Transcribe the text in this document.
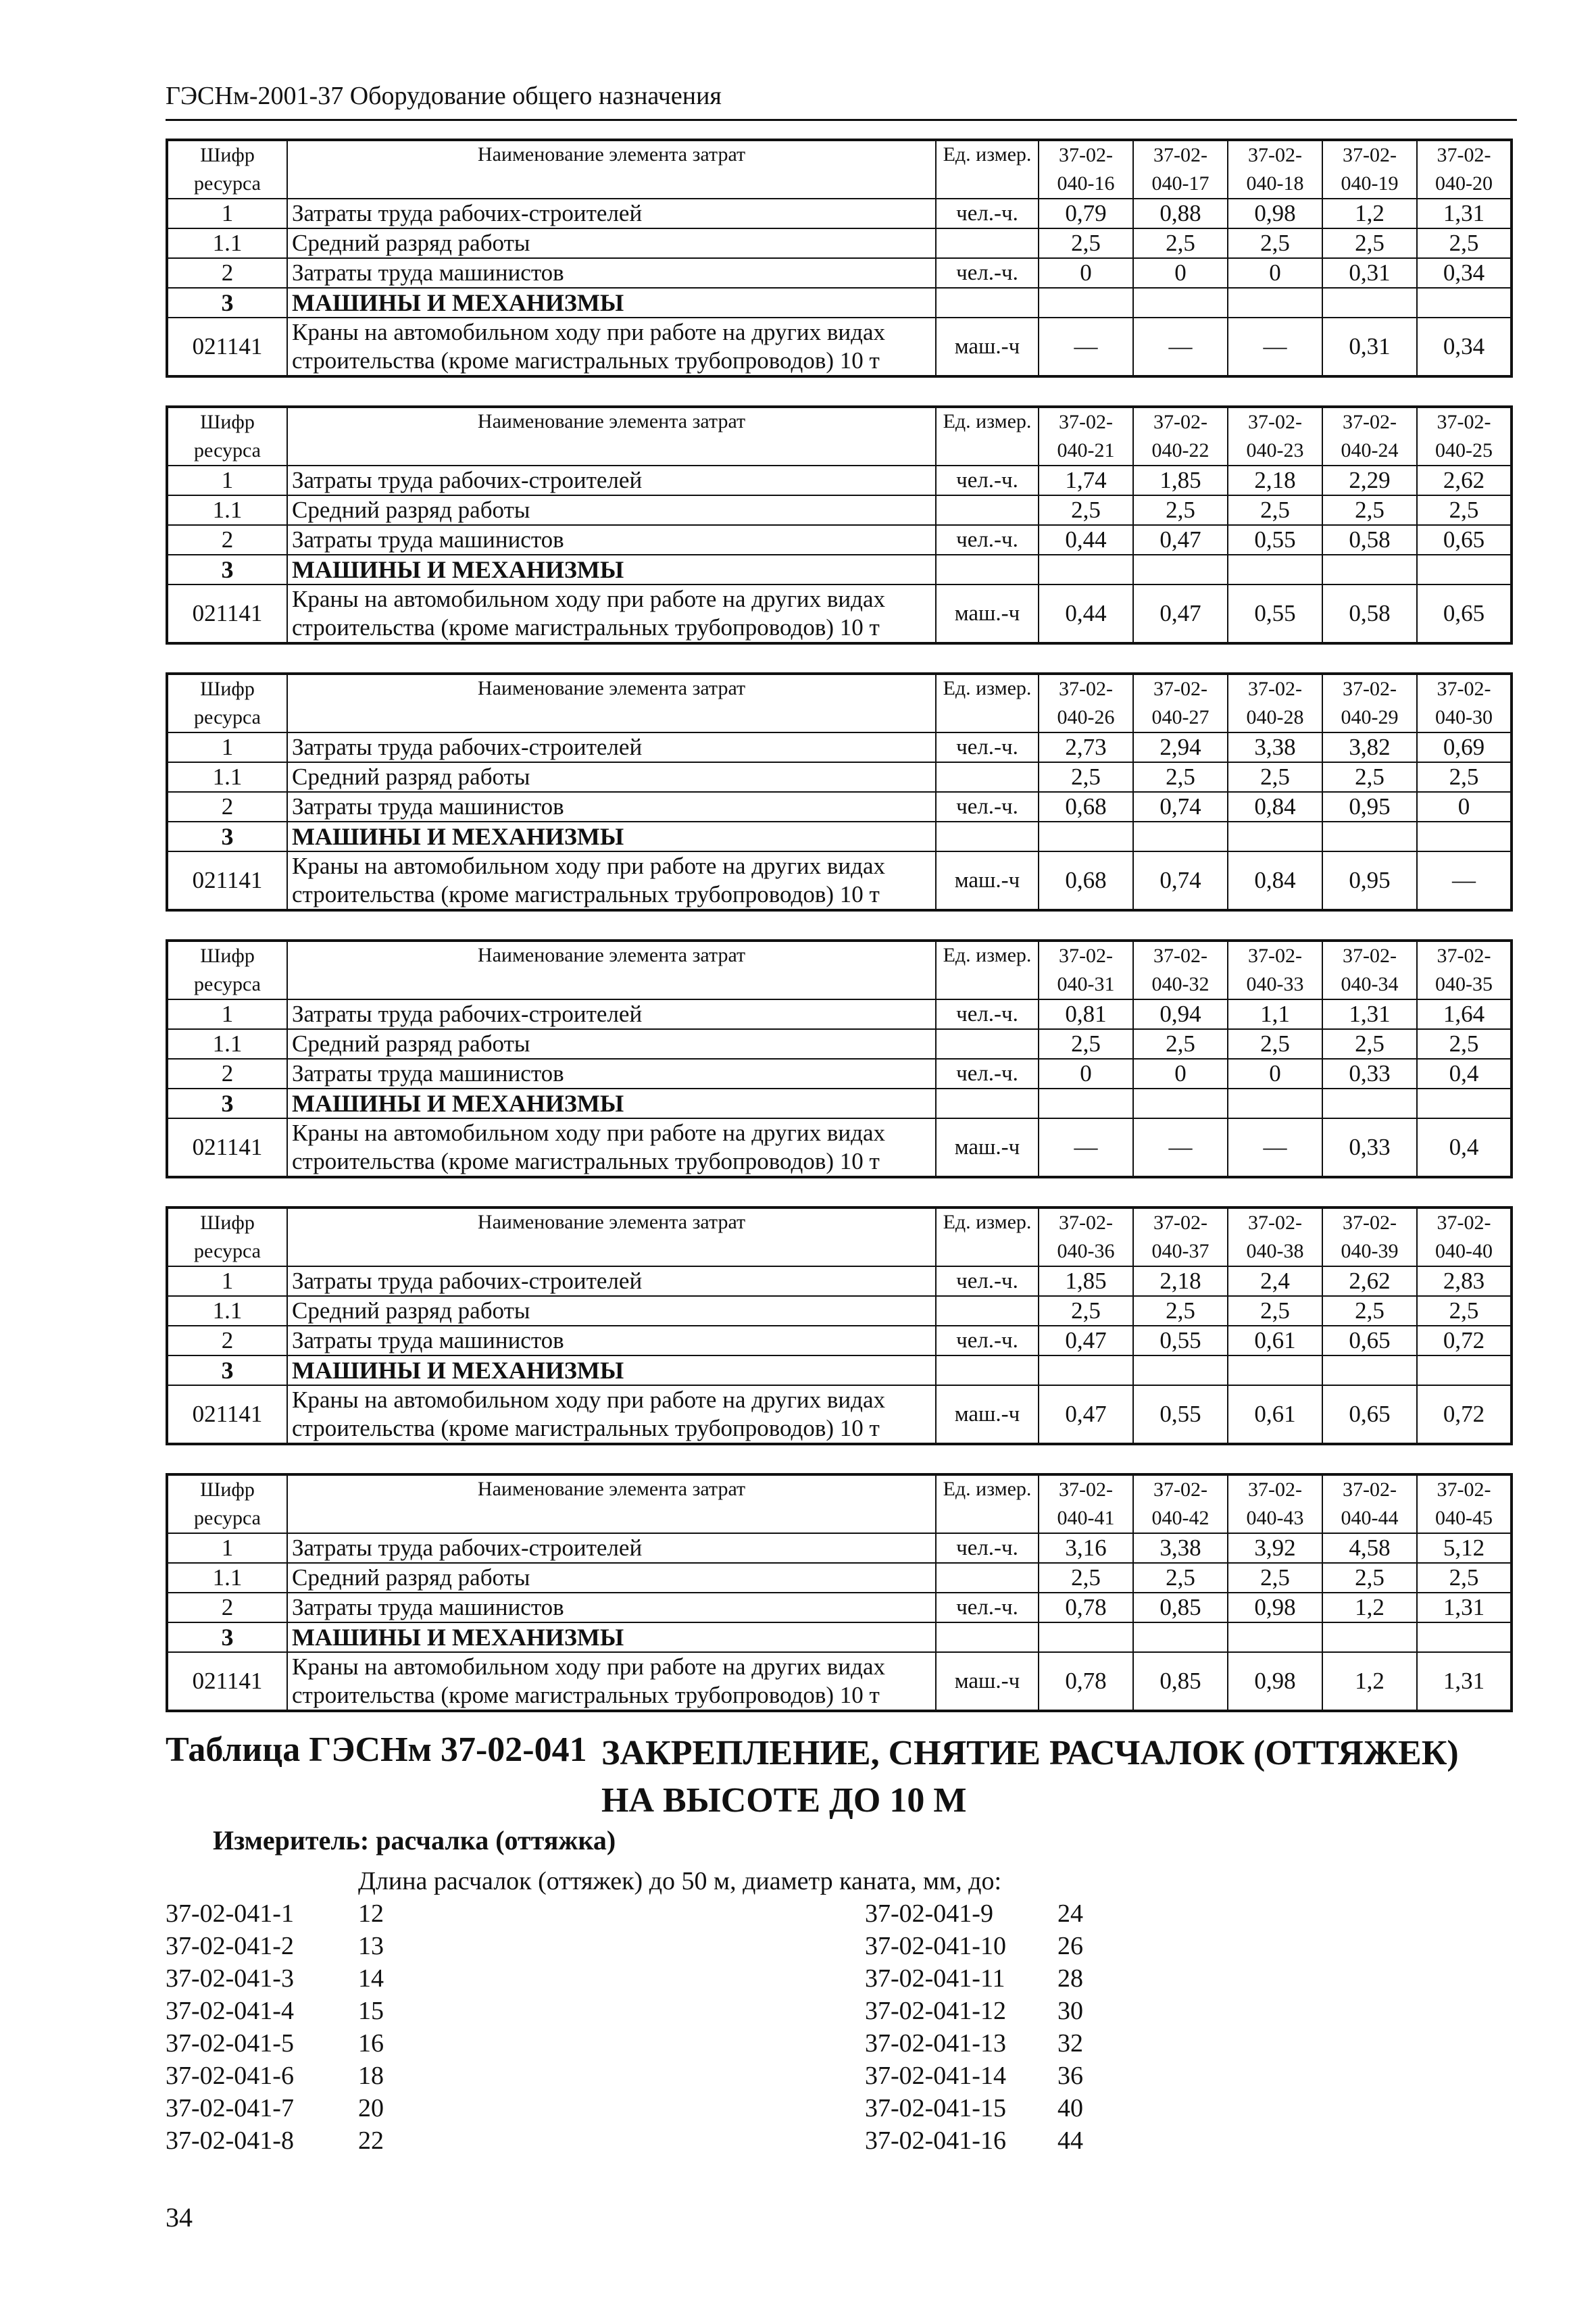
ГЭСНм-2001-37 Оборудование общего назначения
Шифр ресурса	Наименование элемента затрат	Ед. измер.	37-02-040-16	37-02-040-17	37-02-040-18	37-02-040-19	37-02-040-20
1	Затраты труда рабочих-строителей	чел.-ч.	0,79	0,88	0,98	1,2	1,31
1.1	Средний разряд работы		2,5	2,5	2,5	2,5	2,5
2	Затраты труда машинистов	чел.-ч.	0	0	0	0,31	0,34
3	МАШИНЫ И МЕХАНИЗМЫ						
021141	Краны на автомобильном ходу при работе на других видах строительства (кроме магистральных трубопроводов) 10 т	маш.-ч	—	—	—	0,31	0,34
Шифр ресурса	Наименование элемента затрат	Ед. измер.	37-02-040-21	37-02-040-22	37-02-040-23	37-02-040-24	37-02-040-25
1	Затраты труда рабочих-строителей	чел.-ч.	1,74	1,85	2,18	2,29	2,62
1.1	Средний разряд работы		2,5	2,5	2,5	2,5	2,5
2	Затраты труда машинистов	чел.-ч.	0,44	0,47	0,55	0,58	0,65
3	МАШИНЫ И МЕХАНИЗМЫ						
021141	Краны на автомобильном ходу при работе на других видах строительства (кроме магистральных трубопроводов) 10 т	маш.-ч	0,44	0,47	0,55	0,58	0,65
Шифр ресурса	Наименование элемента затрат	Ед. измер.	37-02-040-26	37-02-040-27	37-02-040-28	37-02-040-29	37-02-040-30
1	Затраты труда рабочих-строителей	чел.-ч.	2,73	2,94	3,38	3,82	0,69
1.1	Средний разряд работы		2,5	2,5	2,5	2,5	2,5
2	Затраты труда машинистов	чел.-ч.	0,68	0,74	0,84	0,95	0
3	МАШИНЫ И МЕХАНИЗМЫ						
021141	Краны на автомобильном ходу при работе на других видах строительства (кроме магистральных трубопроводов) 10 т	маш.-ч	0,68	0,74	0,84	0,95	—
Шифр ресурса	Наименование элемента затрат	Ед. измер.	37-02-040-31	37-02-040-32	37-02-040-33	37-02-040-34	37-02-040-35
1	Затраты труда рабочих-строителей	чел.-ч.	0,81	0,94	1,1	1,31	1,64
1.1	Средний разряд работы		2,5	2,5	2,5	2,5	2,5
2	Затраты труда машинистов	чел.-ч.	0	0	0	0,33	0,4
3	МАШИНЫ И МЕХАНИЗМЫ						
021141	Краны на автомобильном ходу при работе на других видах строительства (кроме магистральных трубопроводов) 10 т	маш.-ч	—	—	—	0,33	0,4
Шифр ресурса	Наименование элемента затрат	Ед. измер.	37-02-040-36	37-02-040-37	37-02-040-38	37-02-040-39	37-02-040-40
1	Затраты труда рабочих-строителей	чел.-ч.	1,85	2,18	2,4	2,62	2,83
1.1	Средний разряд работы		2,5	2,5	2,5	2,5	2,5
2	Затраты труда машинистов	чел.-ч.	0,47	0,55	0,61	0,65	0,72
3	МАШИНЫ И МЕХАНИЗМЫ						
021141	Краны на автомобильном ходу при работе на других видах строительства (кроме магистральных трубопроводов) 10 т	маш.-ч	0,47	0,55	0,61	0,65	0,72
Шифр ресурса	Наименование элемента затрат	Ед. измер.	37-02-040-41	37-02-040-42	37-02-040-43	37-02-040-44	37-02-040-45
1	Затраты труда рабочих-строителей	чел.-ч.	3,16	3,38	3,92	4,58	5,12
1.1	Средний разряд работы		2,5	2,5	2,5	2,5	2,5
2	Затраты труда машинистов	чел.-ч.	0,78	0,85	0,98	1,2	1,31
3	МАШИНЫ И МЕХАНИЗМЫ						
021141	Краны на автомобильном ходу при работе на других видах строительства (кроме магистральных трубопроводов) 10 т	маш.-ч	0,78	0,85	0,98	1,2	1,31
Таблица ГЭСНм 37-02-041 ЗАКРЕПЛЕНИЕ, СНЯТИЕ РАСЧАЛОК (ОТТЯЖЕК) НА ВЫСОТЕ ДО 10 М
Измеритель: расчалка (оттяжка)
Длина расчалок (оттяжек) до 50 м, диаметр каната, мм, до:
37-02-041-1	12
37-02-041-2	13
37-02-041-3	14
37-02-041-4	15
37-02-041-5	16
37-02-041-6	18
37-02-041-7	20
37-02-041-8	22
37-02-041-9	24
37-02-041-10 26
37-02-041-11 28
37-02-041-12 30
37-02-041-13 32
37-02-041-14 36
37-02-041-15 40
37-02-041-16 44
34
